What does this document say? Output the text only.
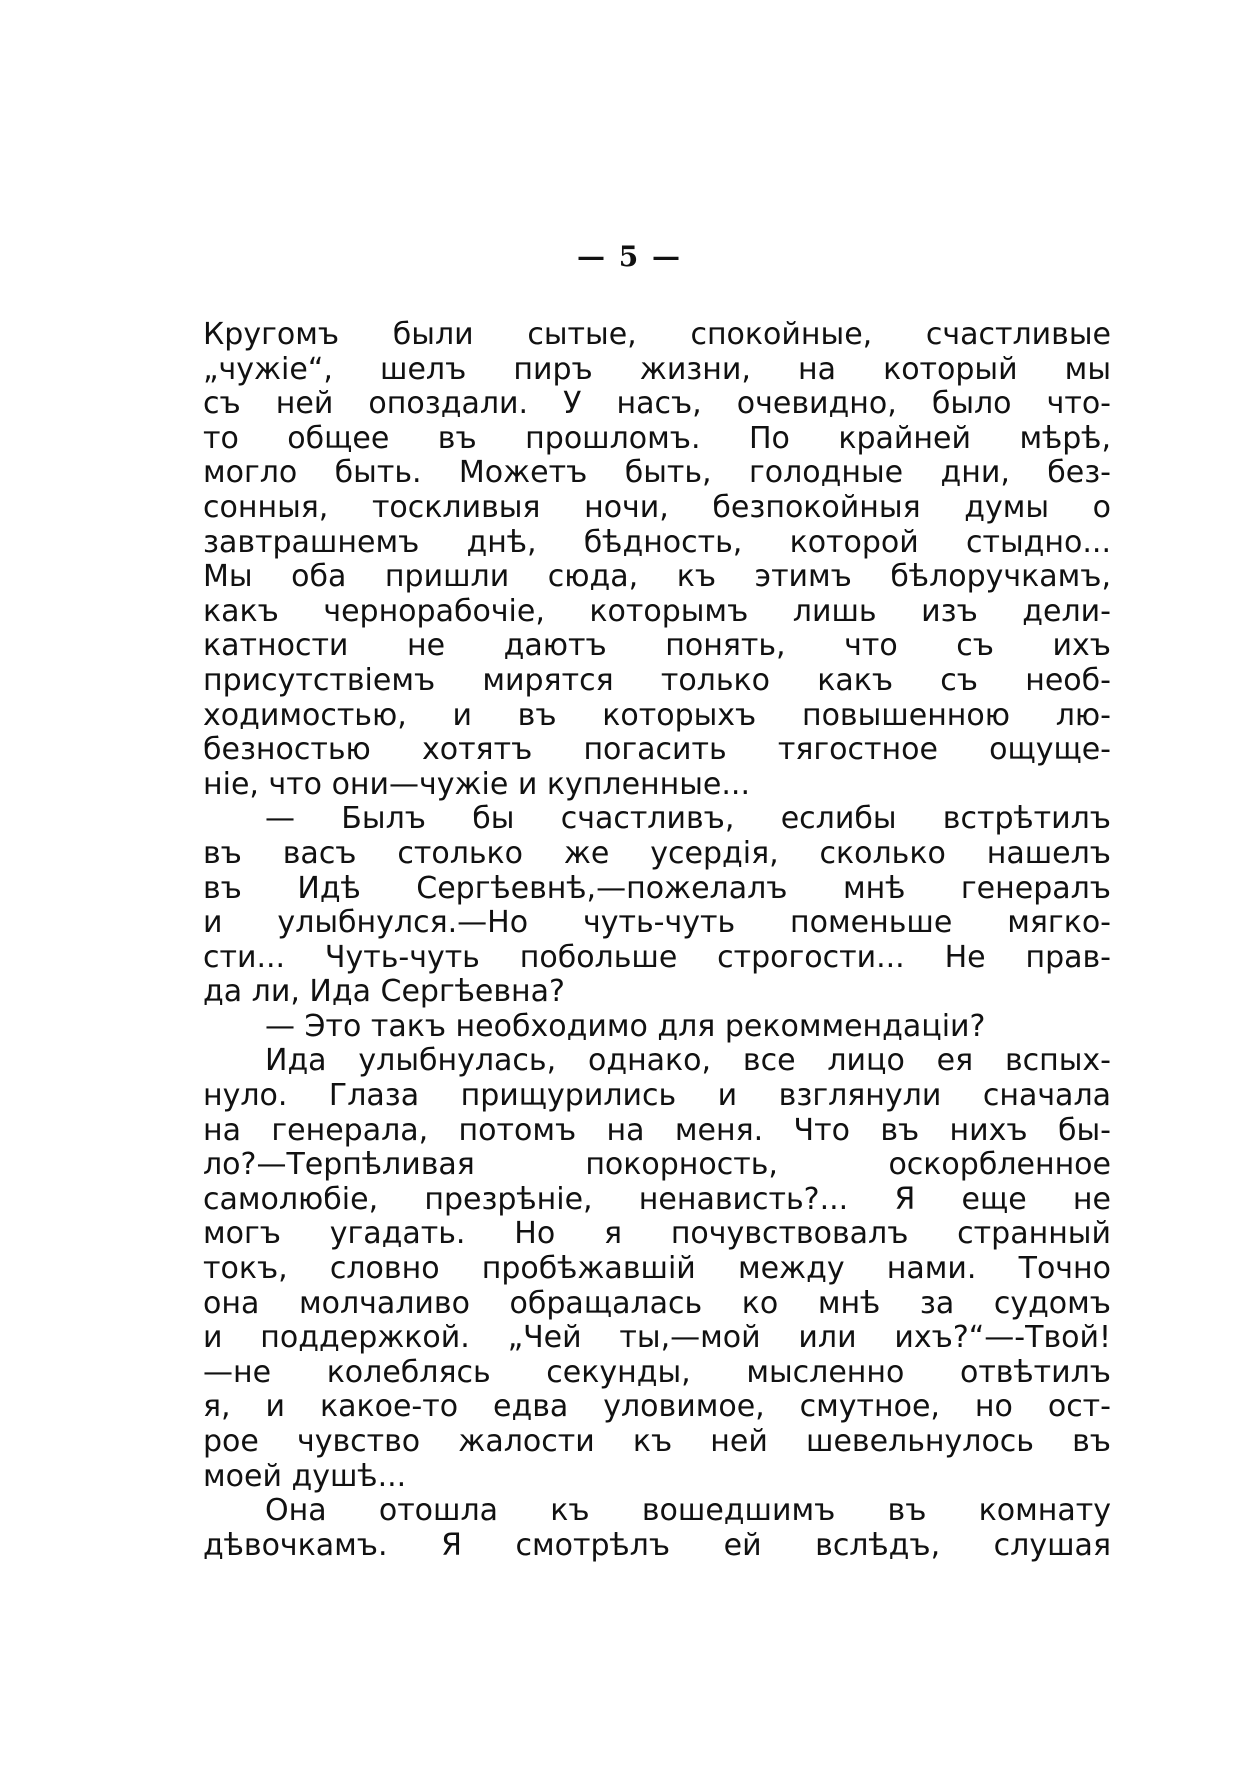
— 5 —
Кругомъ были сытые, спокойные, счастливые
„чужіе“, шелъ пиръ жизни, на который мы
съ ней опоздали. У насъ, очевидно, было что-
то общее въ прошломъ. По крайней мѣрѣ,
могло быть. Можетъ быть, голодные дни, без-
сонныя, тоскливыя ночи, безпокойныя думы о
завтрашнемъ днѣ, бѣдность, которой стыдно...
Мы оба пришли сюда, къ этимъ бѣлоручкамъ,
какъ чернорабочіе, которымъ лишь изъ дели-
катности не даютъ понять, что съ ихъ
присутствіемъ мирятся только какъ съ необ-
ходимостью, и въ которыхъ повышенною лю-
безностью хотятъ погасить тягостное ощуще-
ніе, что они—чужіе и купленные...
— Былъ бы счастливъ, еслибы встрѣтилъ
въ васъ столько же усердія, сколько нашелъ
въ Идѣ Сергѣевнѣ,—пожелалъ мнѣ генералъ
и улыбнулся.—Но чуть-чуть поменьше мягко-
сти... Чуть-чуть побольше строгости... Не прав-
да ли, Ида Сергѣевна?
— Это такъ необходимо для рекоммендаціи?
Ида улыбнулась, однако, все лицо ея вспых-
нуло. Глаза прищурились и взглянули сначала
на генерала, потомъ на меня. Что въ нихъ бы-
ло?—Терпѣливая покорность, оскорбленное
самолюбіе, презрѣніе, ненависть?... Я еще не
могъ угадать. Но я почувствовалъ странный
токъ, словно пробѣжавшій между нами. Точно
она молчаливо обращалась ко мнѣ за судомъ
и поддержкой. „Чей ты,—мой или ихъ?“—-Твой!
—не колеблясь секунды, мысленно отвѣтилъ
я, и какое-то едва уловимое, смутное, но ост-
рое чувство жалости къ ней шевельнулось въ
моей душѣ...
Она отошла къ вошедшимъ въ комнату
дѣвочкамъ. Я смотрѣлъ ей вслѣдъ, слушая
